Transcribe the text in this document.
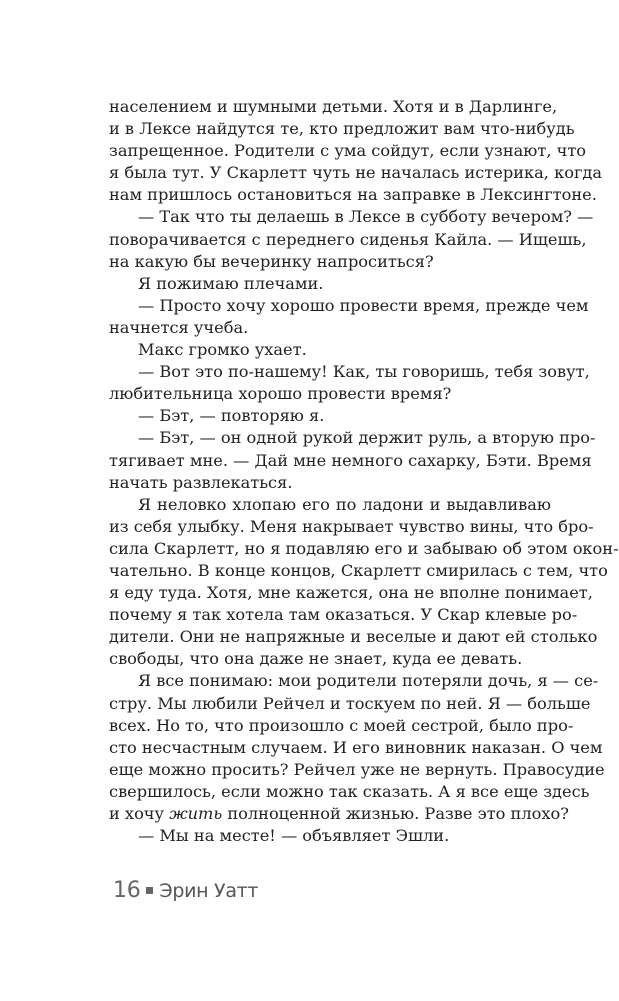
населением и шумными детьми. Хотя и в Дарлинге,
и в Лексе найдутся те, кто предложит вам что-нибудь
запрещенное. Родители с ума сойдут, если узнают, что
я была тут. У Скарлетт чуть не началась истерика, когда
нам пришлось остановиться на заправке в Лексингтоне.
— Так что ты делаешь в Лексе в субботу вечером? —
поворачивается с переднего сиденья Кайла. — Ищешь,
на какую бы вечеринку напроситься?
Я пожимаю плечами.
— Просто хочу хорошо провести время, прежде чем
начнется учеба.
Макс громко ухает.
— Вот это по-нашему! Как, ты говоришь, тебя зовут,
любительница хорошо провести время?
— Бэт, — повторяю я.
— Бэт, — он одной рукой держит руль, а вторую про-
тягивает мне. — Дай мне немного сахарку, Бэти. Время
начать развлекаться.
Я неловко хлопаю его по ладони и выдавливаю
из себя улыбку. Меня накрывает чувство вины, что бро-
сила Скарлетт, но я подавляю его и забываю об этом окон-
чательно. В конце концов, Скарлетт смирилась с тем, что
я еду туда. Хотя, мне кажется, она не вполне понимает,
почему я так хотела там оказаться. У Скар клевые ро-
дители. Они не напряжные и веселые и дают ей столько
свободы, что она даже не знает, куда ее девать.
Я все понимаю: мои родители потеряли дочь, я — се-
стру. Мы любили Рейчел и тоскуем по ней. Я — больше
всех. Но то, что произошло с моей сестрой, было про-
сто несчастным случаем. И его виновник наказан. О чем
еще можно просить? Рейчел уже не вернуть. Правосудие
свершилось, если можно так сказать. А я все еще здесь
и хочу жить полноценной жизнью. Разве это плохо?
— Мы на месте! — объявляет Эшли.
16 Эрин Уатт
